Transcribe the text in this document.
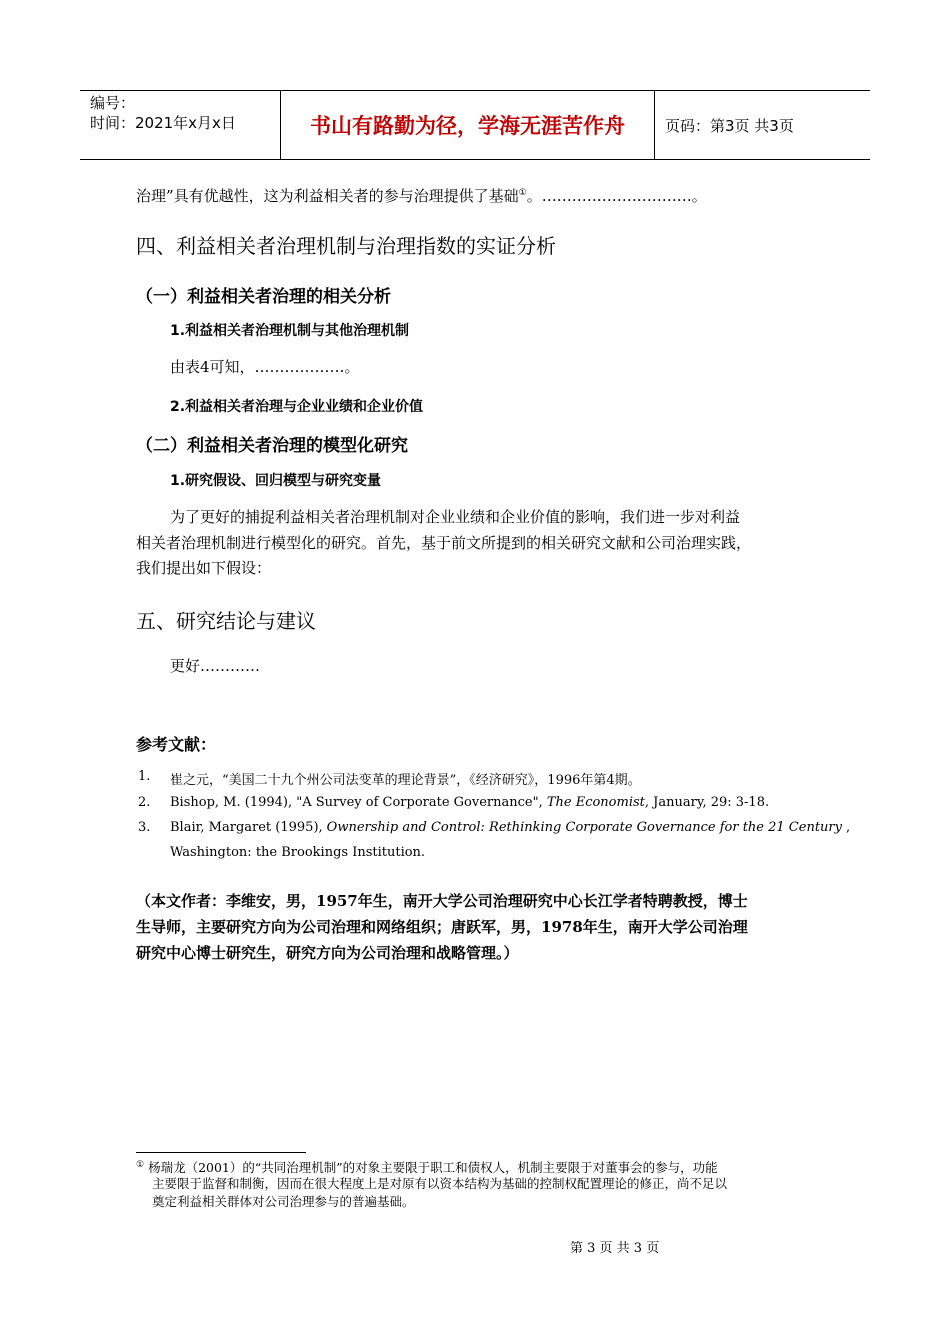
编号：
时间：2021年x月x日	书山有路勤为径，学海无涯苦作舟	页码：第3页 共3页
治理”具有优越性，这为利益相关者的参与治理提供了基础①。…………………………。
四、利益相关者治理机制与治理指数的实证分析
（一）利益相关者治理的相关分析
1.利益相关者治理机制与其他治理机制
由表4可知，………………。
2.利益相关者治理与企业业绩和企业价值
（二）利益相关者治理的模型化研究
1.研究假设、回归模型与研究变量
为了更好的捕捉利益相关者治理机制对企业业绩和企业价值的影响，我们进一步对利益
相关者治理机制进行模型化的研究。首先，基于前文所提到的相关研究文献和公司治理实践，
我们提出如下假设：
五、研究结论与建议
更好…………
参考文献：
1. 崔之元，“美国二十九个州公司法变革的理论背景”，《经济研究》，1996年第4期。
2. Bishop, M. (1994), "A Survey of Corporate Governance", The Economist, January, 29: 3-18.
3. Blair, Margaret (1995), Ownership and Control: Rethinking Corporate Governance for the 21 Century ,
Washington: the Brookings Institution.
（本文作者：李维安，男，1957年生，南开大学公司治理研究中心长江学者特聘教授，博士
生导师，主要研究方向为公司治理和网络组织；唐跃军，男，1978年生，南开大学公司治理
研究中心博士研究生，研究方向为公司治理和战略管理。）
① 杨瑞龙（2001）的“共同治理机制”的对象主要限于职工和债权人，机制主要限于对董事会的参与，功能
主要限于监督和制衡，因而在很大程度上是对原有以资本结构为基础的控制权配置理论的修正，尚不足以
奠定利益相关群体对公司治理参与的普遍基础。
第 3 页 共 3 页
